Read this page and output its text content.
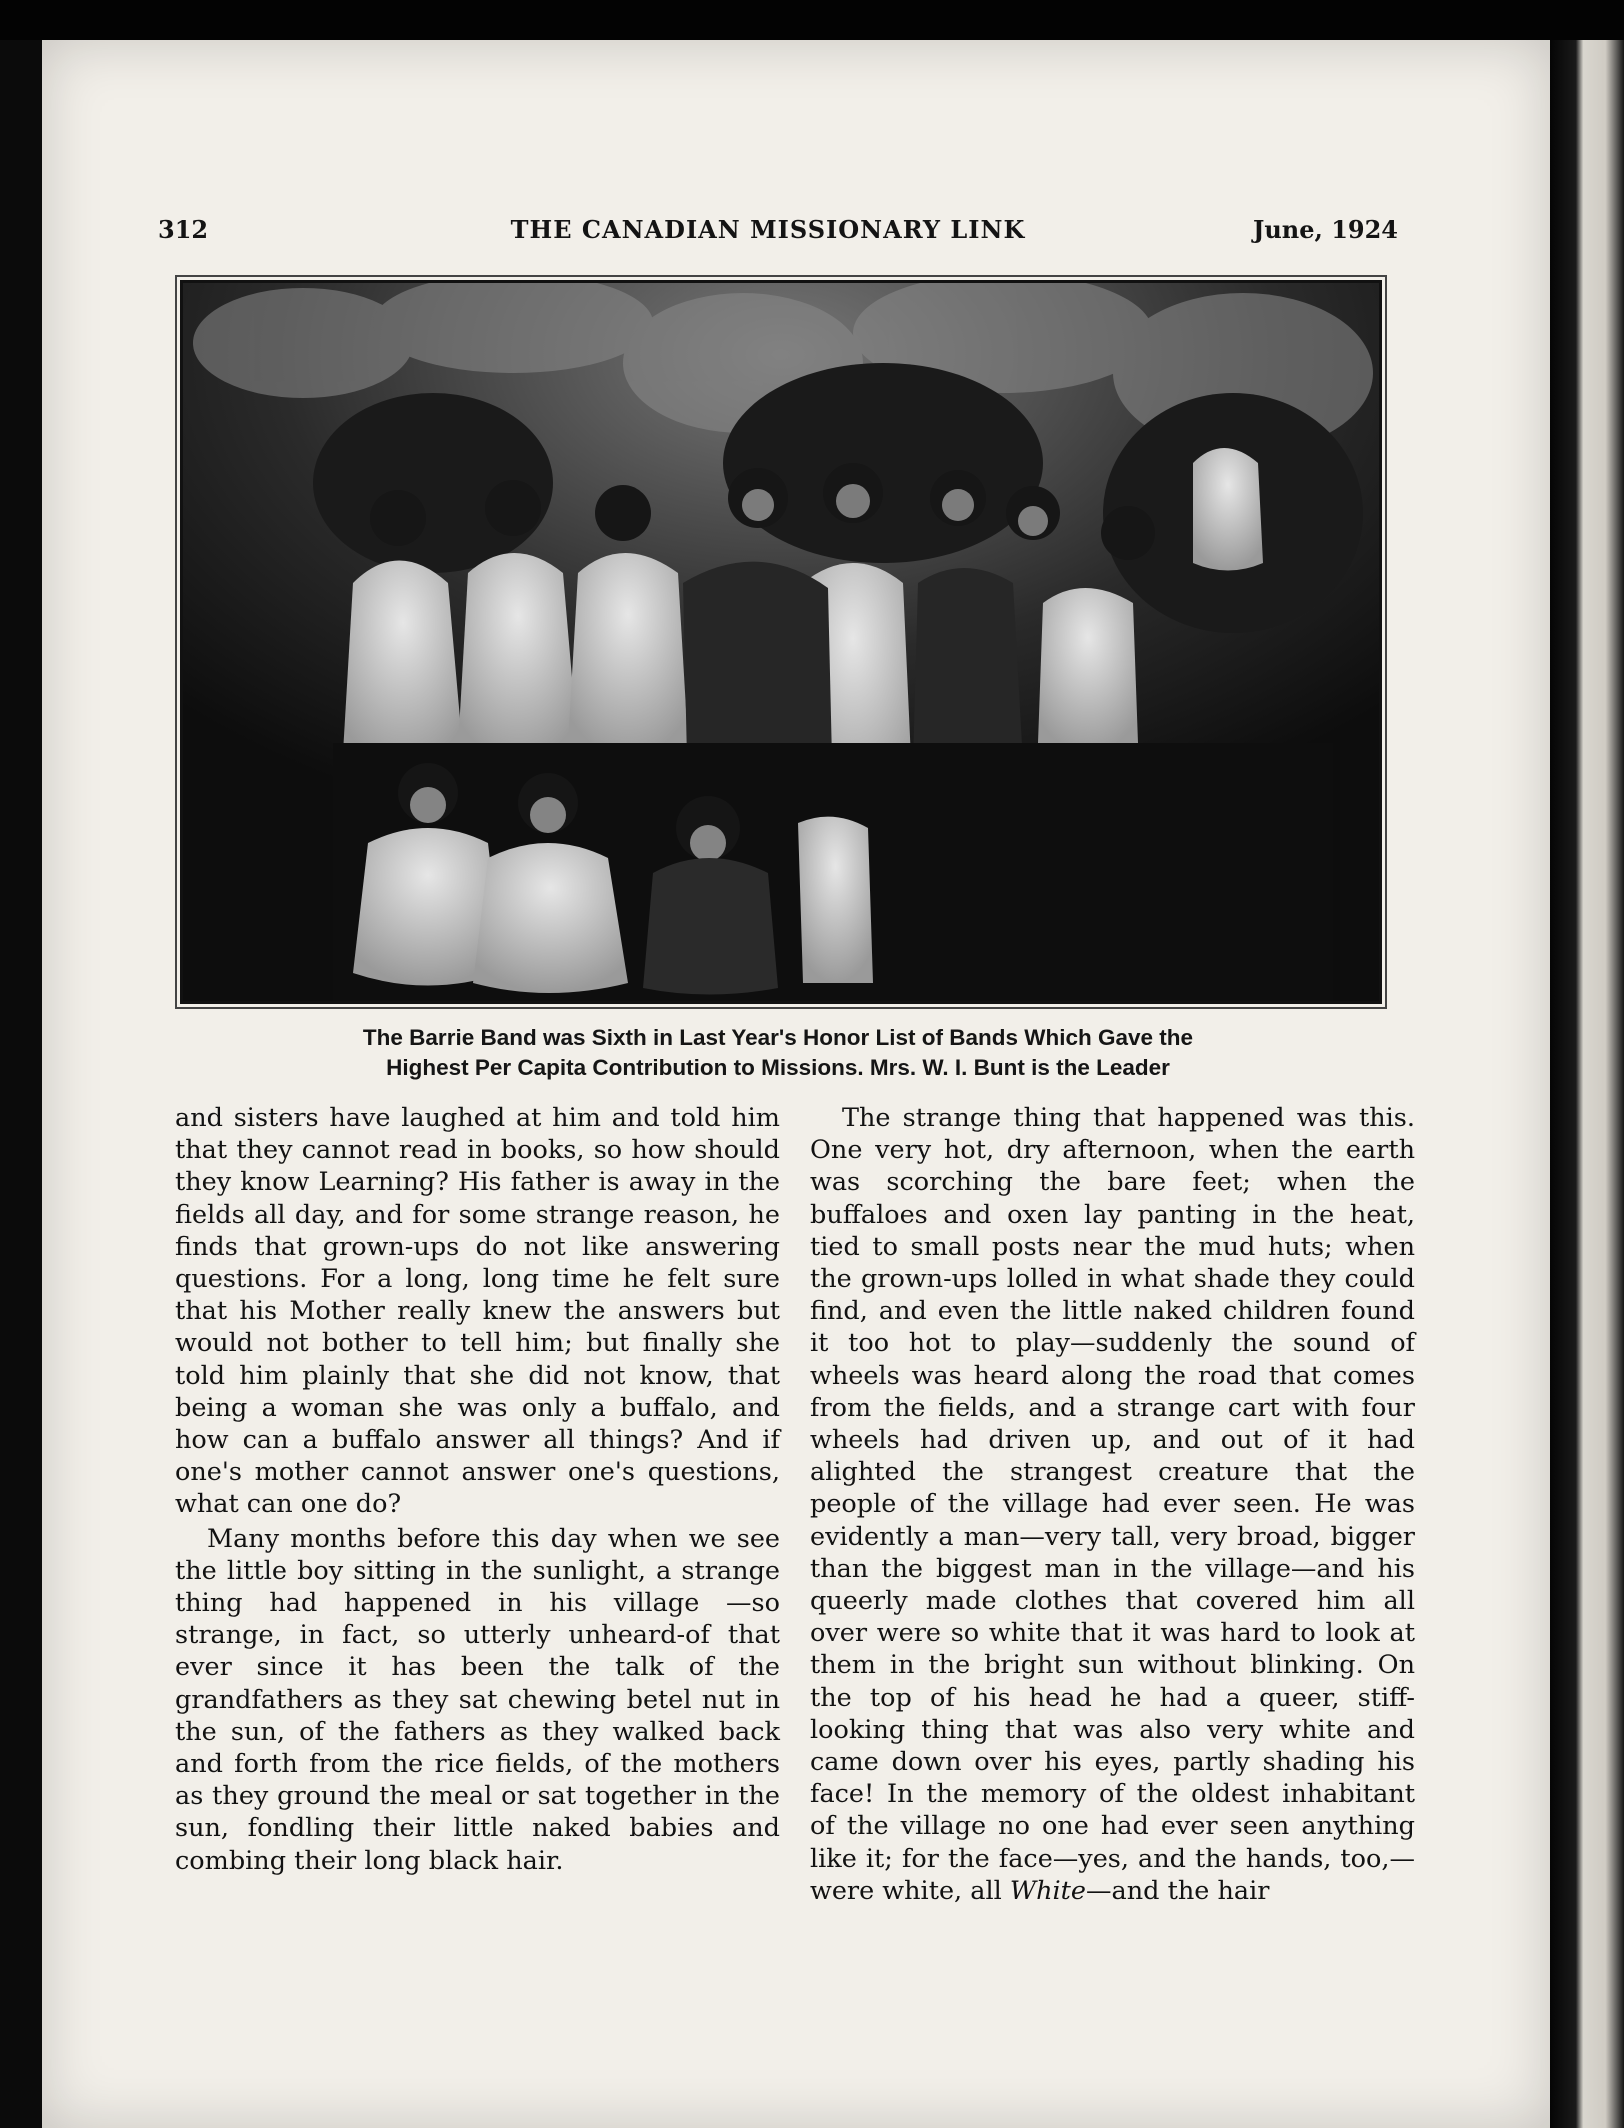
312	THE CANADIAN MISSIONARY LINK	June, 1924
The Barrie Band was Sixth in Last Year's Honor List of Bands Which Gave the
Highest Per Capita Contribution to Missions. Mrs. W. I. Bunt is the Leader

and sisters have laughed at him and told him that they cannot read in books, so how should they know Learning? His father is away in the fields all day, and for some strange reason, he finds that grown-ups do not like answering questions. For a long, long time he felt sure that his Mother really knew the answers but would not bother to tell him; but finally she told him plainly that she did not know, that being a woman she was only a buffalo, and how can a buffalo answer all things? And if one's mother cannot answer one's questions, what can one do?

Many months before this day when we see the little boy sitting in the sunlight, a strange thing had happened in his village —so strange, in fact, so utterly unheard-of that ever since it has been the talk of the grandfathers as they sat chewing betel nut in the sun, of the fathers as they walked back and forth from the rice fields, of the mothers as they ground the meal or sat together in the sun, fondling their little naked babies and combing their long black hair.

The strange thing that happened was this. One very hot, dry afternoon, when the earth was scorching the bare feet; when the buffaloes and oxen lay panting in the heat, tied to small posts near the mud huts; when the grown-ups lolled in what shade they could find, and even the little naked children found it too hot to play—suddenly the sound of wheels was heard along the road that comes from the fields, and a strange cart with four wheels had driven up, and out of it had alighted the strangest creature that the people of the village had ever seen. He was evidently a man—very tall, very broad, bigger than the biggest man in the village—and his queerly made clothes that covered him all over were so white that it was hard to look at them in the bright sun without blinking. On the top of his head he had a queer, stiff-looking thing that was also very white and came down over his eyes, partly shading his face! In the memory of the oldest inhabitant of the village no one had ever seen anything like it; for the face—yes, and the hands, too,—were white, all White—and the hair
